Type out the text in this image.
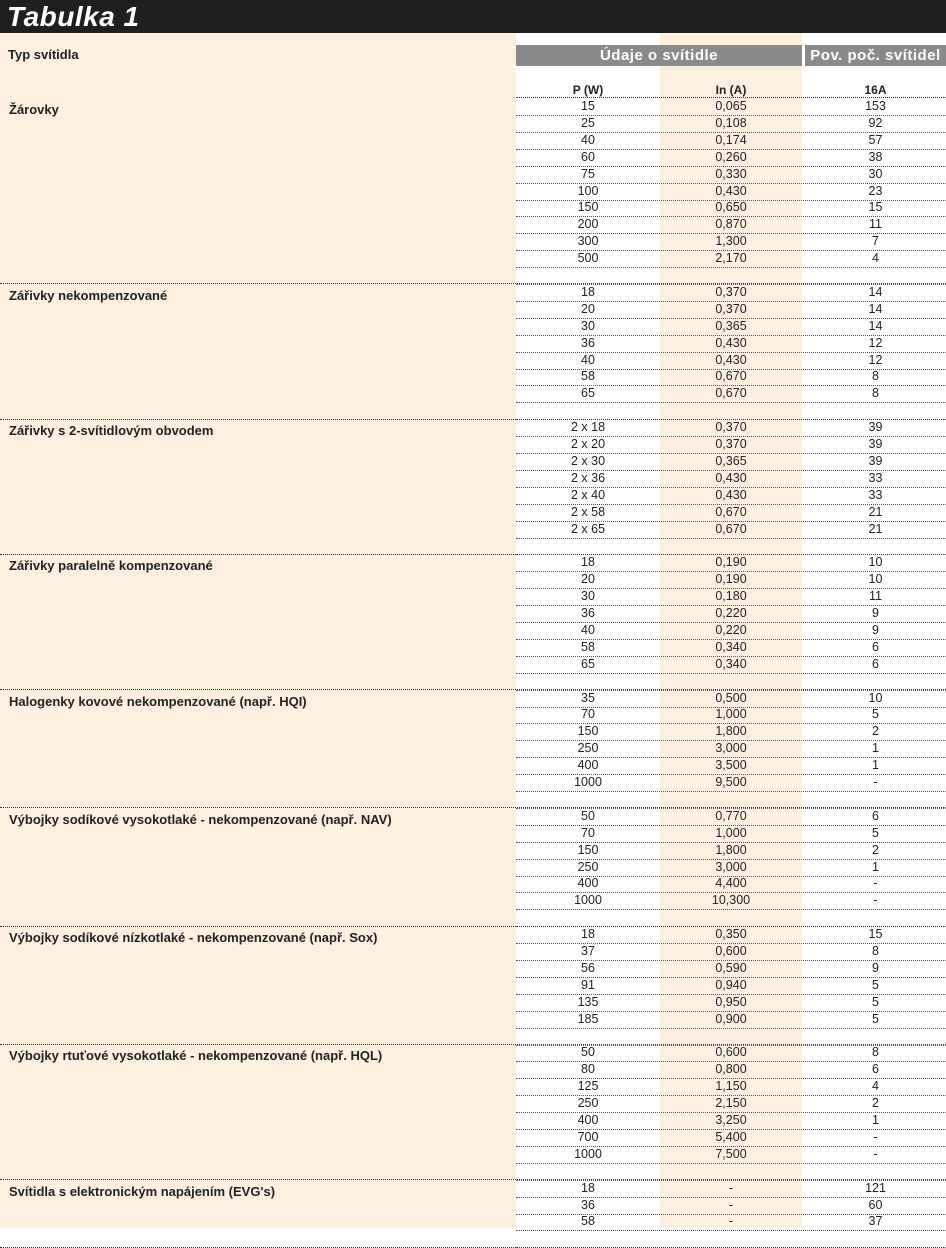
Tabulka 1
Typ svítidla	Údaje o svítidle	Pov. poč. svítidel
P (W)	In (A)	16A
Žárovky	15	0,065	153
25	0,108	92
40	0,174	57
60	0,260	38
75	0,330	30
100	0,430	23
150	0,650	15
200	0,870	11
300	1,300	7
500	2,170	4
Zářivky nekompenzované	18	0,370	14
20	0,370	14
30	0,365	14
36	0,430	12
40	0,430	12
58	0,670	8
65	0,670	8
Zářivky s 2-svítidlovým obvodem	2 x 18	0,370	39
2 x 20	0,370	39
2 x 30	0,365	39
2 x 36	0,430	33
2 x 40	0,430	33
2 x 58	0,670	21
2 x 65	0,670	21
Zářivky paralelně kompenzované	18	0,190	10
20	0,190	10
30	0,180	11
36	0,220	9
40	0,220	9
58	0,340	6
65	0,340	6
Halogenky kovové nekompenzované (např. HQI)	35	0,500	10
70	1,000	5
150	1,800	2
250	3,000	1
400	3,500	1
1000	9,500	-
Výbojky sodíkové vysokotlaké - nekompenzované (např. NAV)	50	0,770	6
70	1,000	5
150	1,800	2
250	3,000	1
400	4,400	-
1000	10,300	-
Výbojky sodíkové nízkotlaké - nekompenzované (např. Sox)	18	0,350	15
37	0,600	8
56	0,590	9
91	0,940	5
135	0,950	5
185	0,900	5
Výbojky rtuťové vysokotlaké - nekompenzované (např. HQL)	50	0,600	8
80	0,800	6
125	1,150	4
250	2,150	2
400	3,250	1
700	5,400	-
1000	7,500	-
Svítidla s elektronickým napájením (EVG's)	18	-	121
36	-	60
58	-	37
